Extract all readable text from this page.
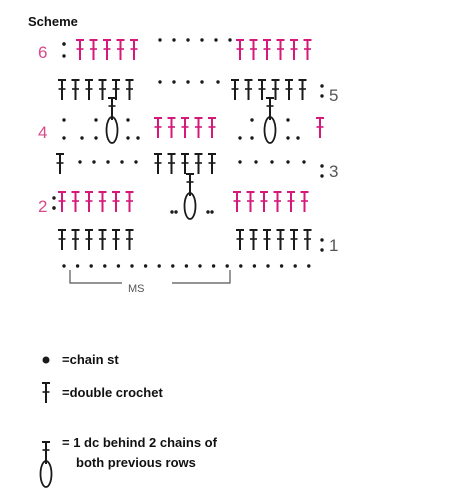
Scheme
6
4
2
5
3
1
MS
=chain st
=double crochet
= 1 dc behind 2 chains of
both previous rows
